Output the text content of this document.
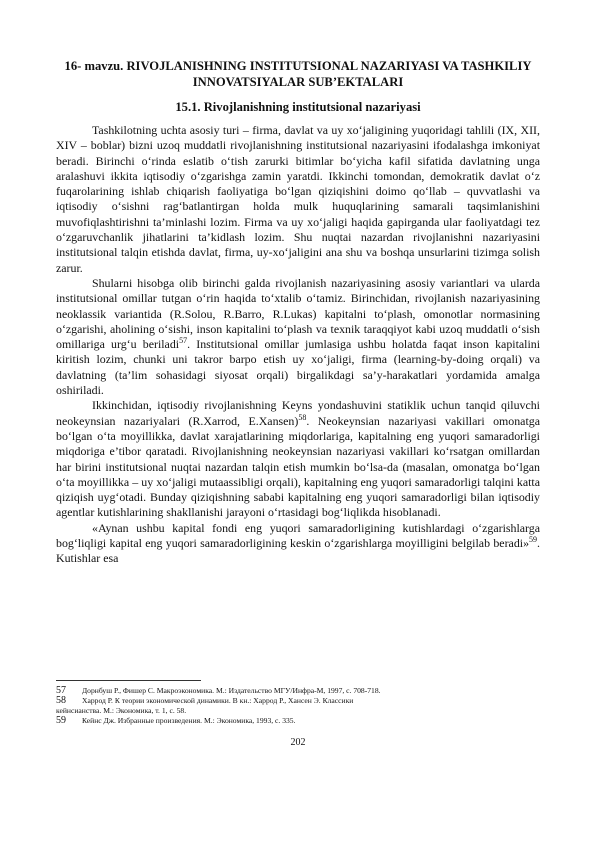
16- mavzu. RIVOJLANISHNING INSTITUTSIONAL NAZARIYASI VA TASHKILIY INNOVATSIYALAR SUB’EKTALARI
15.1. Rivojlanishning institutsional nazariyasi

Tashkilotning uchta asosiy turi – firma, davlat va uy xo‘jaligining yuqoridagi tahlili (IX, XII, XIV – boblar) bizni uzoq muddatli rivojlanishning institutsional nazariyasini ifodalashga imkoniyat beradi. Birinchi o‘rinda eslatib o‘tish zarurki bitimlar bo‘yicha kafil sifatida davlatning unga aralashuvi ikkita iqtisodiy o‘zgarishga zamin yaratdi. Ikkinchi tomondan, demokratik davlat o‘z fuqarolarining ishlab chiqarish faoliyatiga bo‘lgan qiziqishini doimo qo‘llab – quvvatlashi va iqtisodiy o‘sishni rag‘batlantirgan holda mulk huquqlarining samarali taqsimlanishini muvofiqlashtirishni ta’minlashi lozim. Firma va uy xo‘jaligi haqida gapirganda ular faoliyatdagi tez o‘zgaruvchanlik jihatlarini ta’kidlash lozim. Shu nuqtai nazardan rivojlanishni nazariyasini institutsional talqin etishda davlat, firma, uy-xo‘jaligini ana shu va boshqa unsurlarini tizimga solish zarur.

Shularni hisobga olib birinchi galda rivojlanish nazariyasining asosiy variantlari va ularda institutsional omillar tutgan o‘rin haqida to‘xtalib o‘tamiz. Birinchidan, rivojlanish nazariyasining neoklassik variantida (R.Solou, R.Barro, R.Lukas) kapitalni to‘plash, omonotlar normasining o‘zgarishi, aholining o‘sishi, inson kapitalini to‘plash va texnik taraqqiyot kabi uzoq muddatli o‘sish omillariga urg‘u beriladi$^{57}$. Institutsional omillar jumlasiga ushbu holatda faqat inson kapitalini kiritish lozim, chunki uni takror barpo etish uy xo‘jaligi, firma (learning-by-doing orqali) va davlatning (ta’lim sohasidagi siyosat orqali) birgalikdagi sa’y-harakatlari yordamida amalga oshiriladi.

Ikkinchidan, iqtisodiy rivojlanishning Keyns yondashuvini statiklik uchun tanqid qiluvchi neokeynsian nazariyalari (R.Xarrod, E.Xansen)$^{58}$. Neokeynsian nazariyasi vakillari omonatga bo‘lgan o‘ta moyillikka, davlat xarajatlarining miqdorlariga, kapitalning eng yuqori samaradorligi miqdoriga e’tibor qaratadi. Rivojlanishning neokeynsian nazariyasi vakillari ko‘rsatgan omillardan har birini institutsional nuqtai nazardan talqin etish mumkin bo‘lsa-da (masalan, omonatga bo‘lgan o‘ta moyillikka – uy xo‘jaligi mutaassibligi orqali), kapitalning eng yuqori samaradorligi talqini katta qiziqish uyg‘otadi. Bunday qiziqishning sababi kapitalning eng yuqori samaradorligi bilan iqtisodiy agentlar kutishlarining shakllanishi jarayoni o‘rtasidagi bog‘liqlikda hisoblanadi.

«Aynan ushbu kapital fondi eng yuqori samaradorligining kutishlardagi o‘zgarishlarga bog‘liqligi kapital eng yuqori samaradorligining keskin o‘zgarishlarga moyilligini belgilab beradi»$^{59}$. Kutishlar esa

57	Дорнбуш Р., Фишер С. Макроэкономика. М.: Издательство МГУ/Инфра-М, 1997, с. 708-718.
58	Харрод Р. К теории экономической динамики. В кн.: Харрод Р., Хансен Э. Классики
кейнсианства. М.: Экономика, т. 1, с. 58.
59	Кейнс Дж. Избранные произведения. М.: Экономика, 1993, с. 335.
202
